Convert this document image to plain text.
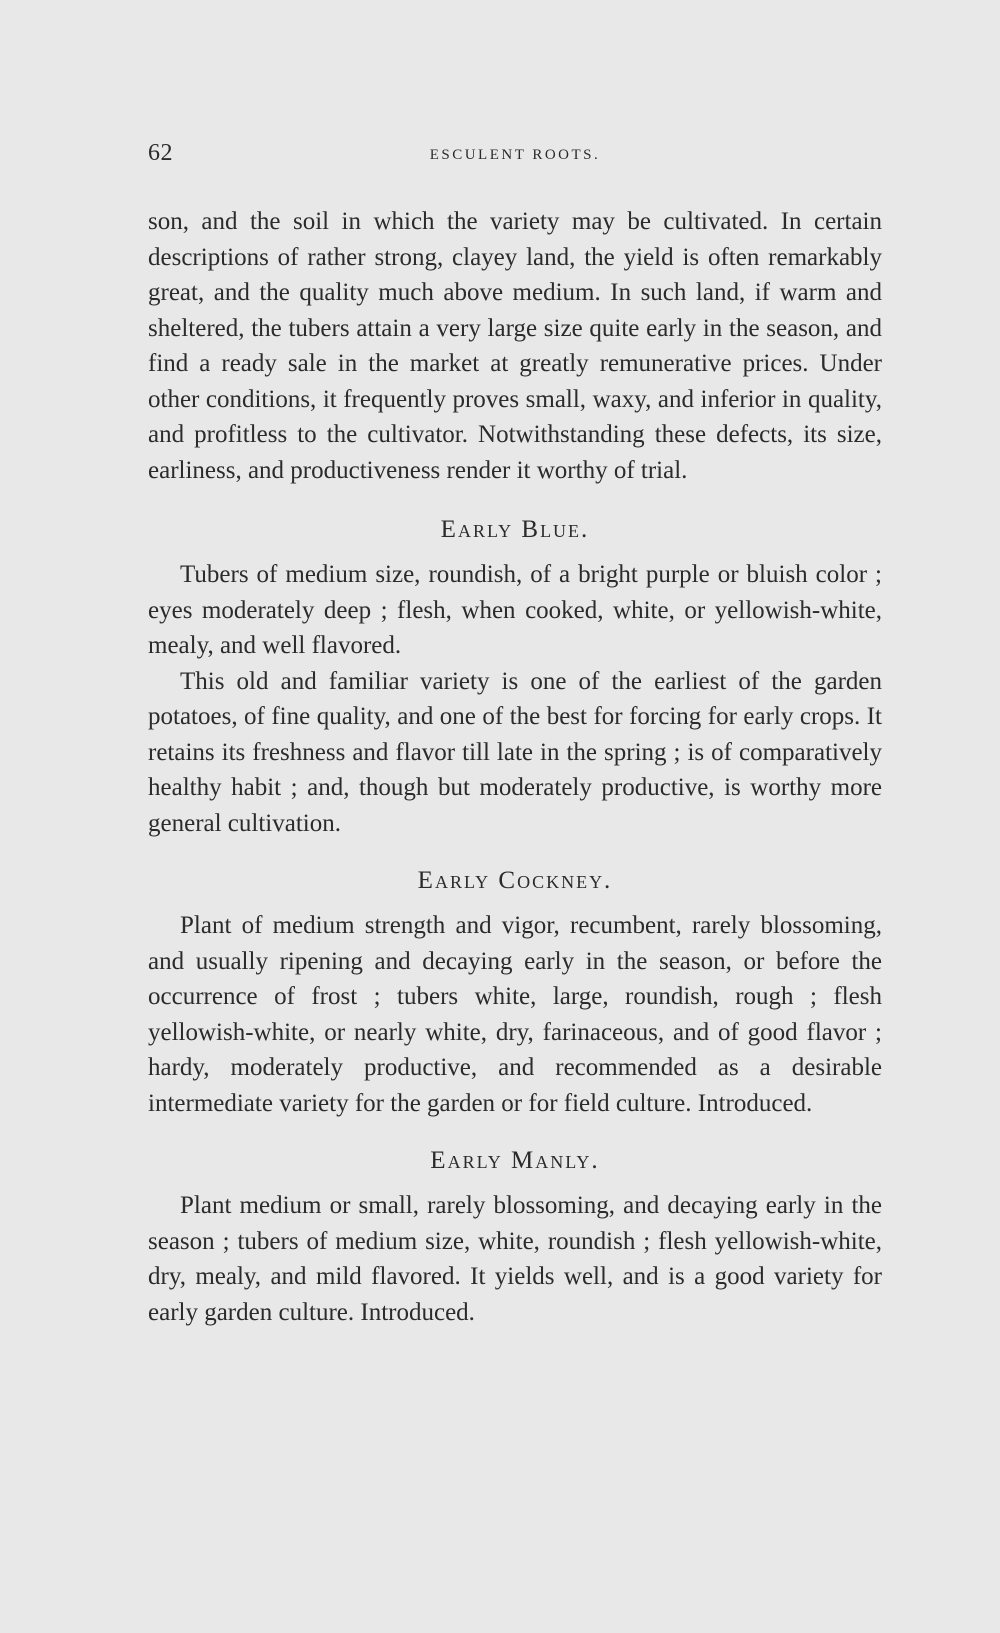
62	ESCULENT ROOTS.

son, and the soil in which the variety may be cultivated. In certain descriptions of rather strong, clayey land, the yield is often remarkably great, and the quality much above medium. In such land, if warm and sheltered, the tubers attain a very large size quite early in the season, and find a ready sale in the market at greatly remunerative prices. Under other conditions, it frequently proves small, waxy, and inferior in quality, and profitless to the cultivator. Notwithstanding these defects, its size, earliness, and productiveness render it worthy of trial.

Early Blue.

Tubers of medium size, roundish, of a bright purple or bluish color ; eyes moderately deep ; flesh, when cooked, white, or yellowish-white, mealy, and well flavored.

This old and familiar variety is one of the earliest of the garden potatoes, of fine quality, and one of the best for forcing for early crops. It retains its freshness and flavor till late in the spring ; is of comparatively healthy habit ; and, though but moderately productive, is worthy more general cultivation.

Early Cockney.

Plant of medium strength and vigor, recumbent, rarely blossoming, and usually ripening and decaying early in the season, or before the occurrence of frost ; tubers white, large, roundish, rough ; flesh yellowish-white, or nearly white, dry, farinaceous, and of good flavor ; hardy, moderately productive, and recommended as a desirable intermediate variety for the garden or for field culture. Introduced.

Early Manly.

Plant medium or small, rarely blossoming, and decaying early in the season ; tubers of medium size, white, roundish ; flesh yellowish-white, dry, mealy, and mild flavored. It yields well, and is a good variety for early garden culture. Introduced.
